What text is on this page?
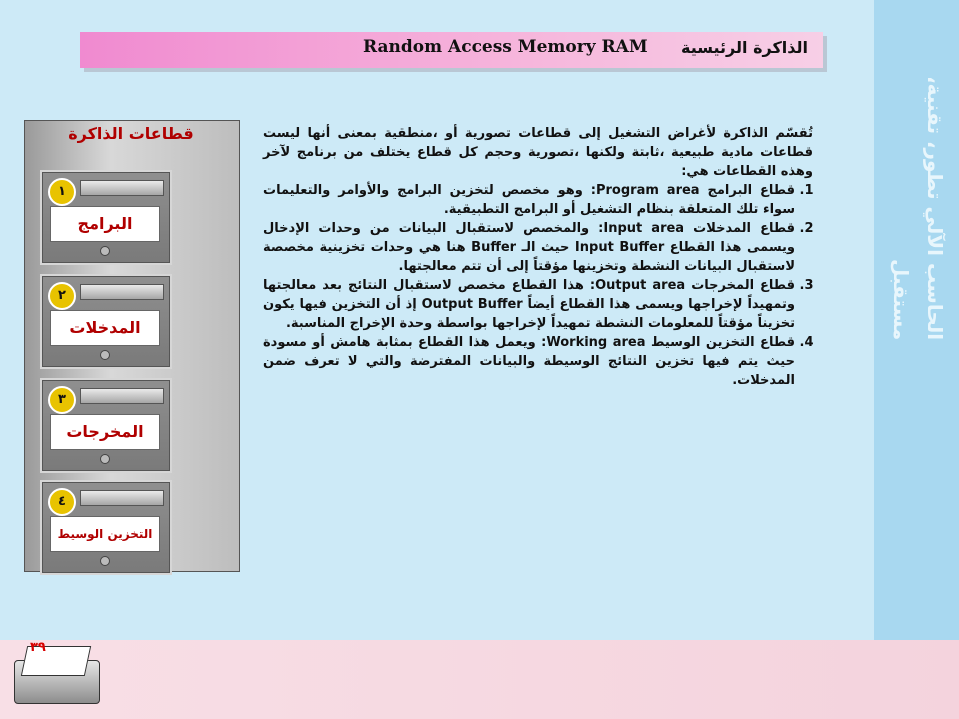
الحاسب الآلي تطور، تقنية، مستقبل
Random Access Memory RAM الذاكرة الرئيسية
قطاعات الذاكرة
١
البرامج
٢
المدخلات
٣
المخرجات
٤
التخزين الوسيط

تُقسّم الذاكرة لأغراض التشغيل إلى قطاعات تصورية أو ،منطقية بمعنى أنها ليست قطاعات مادية طبيعية ،ثابتة ولكنها ،تصورية وحجم كل قطاع يختلف من برنامج لآخر وهذه القطاعات هي:

1. قطاع البرامج Program area: وهو مخصص لتخزين البرامج والأوامر والتعليمات سواء تلك المتعلقة بنظام التشغيل أو البرامج التطبيقية.
2. قطاع المدخلات Input area: والمخصص لاستقبال البيانات من وحدات الإدخال ويسمى هذا القطاع Input Buffer حيث الـ Buffer هنا هي وحدات تخزينية مخصصة لاستقبال البيانات النشطة وتخزينها مؤقتاً إلى أن تتم معالجتها.
3. قطاع المخرجات Output area: هذا القطاع مخصص لاستقبال النتائج بعد معالجتها وتمهيداً لإخراجها ويسمى هذا القطاع أيضاً Output Buffer إذ أن التخزين فيها يكون تخزيناً مؤقتاً للمعلومات النشطة تمهيداً لإخراجها بواسطة وحدة الإخراج المناسبة.
4. قطاع التخزين الوسيط Working area: ويعمل هذا القطاع بمثابة هامش أو مسودة حيث يتم فيها تخزين النتائج الوسيطة والبيانات المفترضة والتي لا تعرف ضمن المدخلات.
٣٩
